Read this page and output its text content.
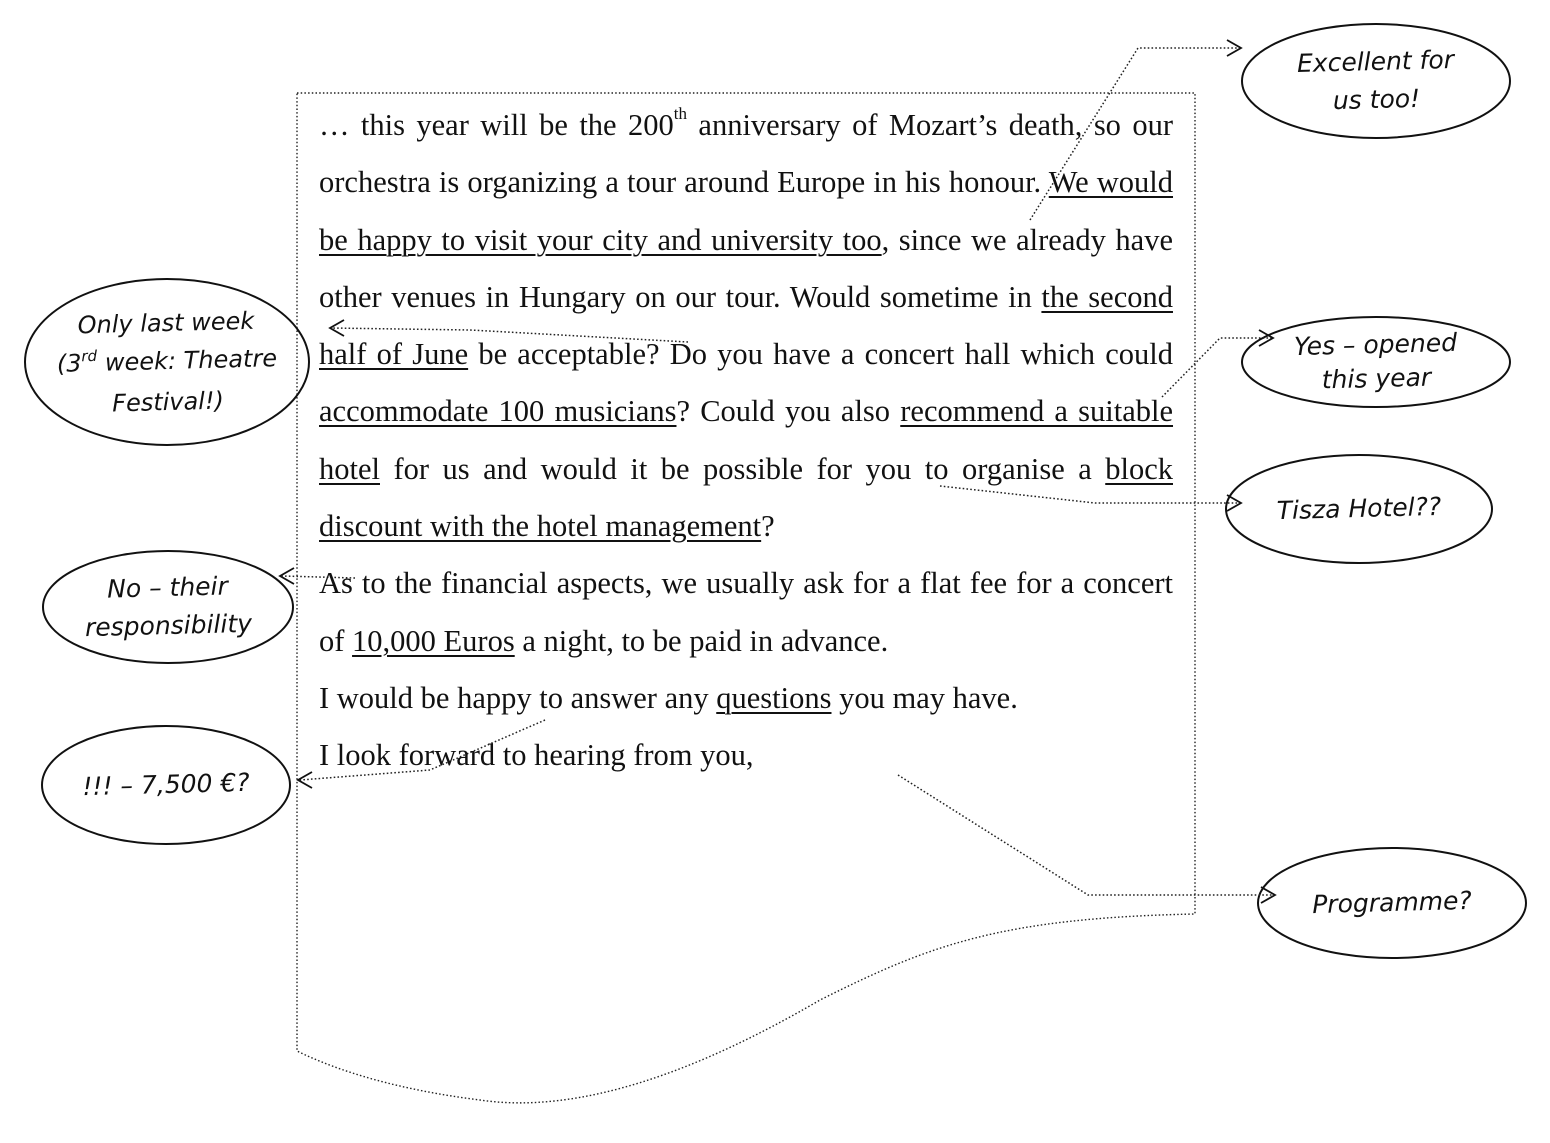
… this year will be the 200th anniversary of Mozart’s death, so our orchestra is organizing a tour around Europe in his honour. We would be happy to visit your city and university too, since we already have other venues in Hungary on our tour. Would sometime in the second half of June be acceptable? Do you have a concert hall which could accommodate 100 musicians? Could you also recommend a suitable hotel for us and would it be possible for you to organise a block discount with the hotel management?

As to the financial aspects, we usually ask for a flat fee for a concert of 10,000 Euros a night, to be paid in advance.

I would be happy to answer any questions you may have.

I look forward to hearing from you,

Excellent for
us too!
Only last week
(3rd week: Theatre
Festival!)
Yes – opened
this year
Tisza Hotel??
No – their
responsibility
!!! – 7,500 €?
Programme?
